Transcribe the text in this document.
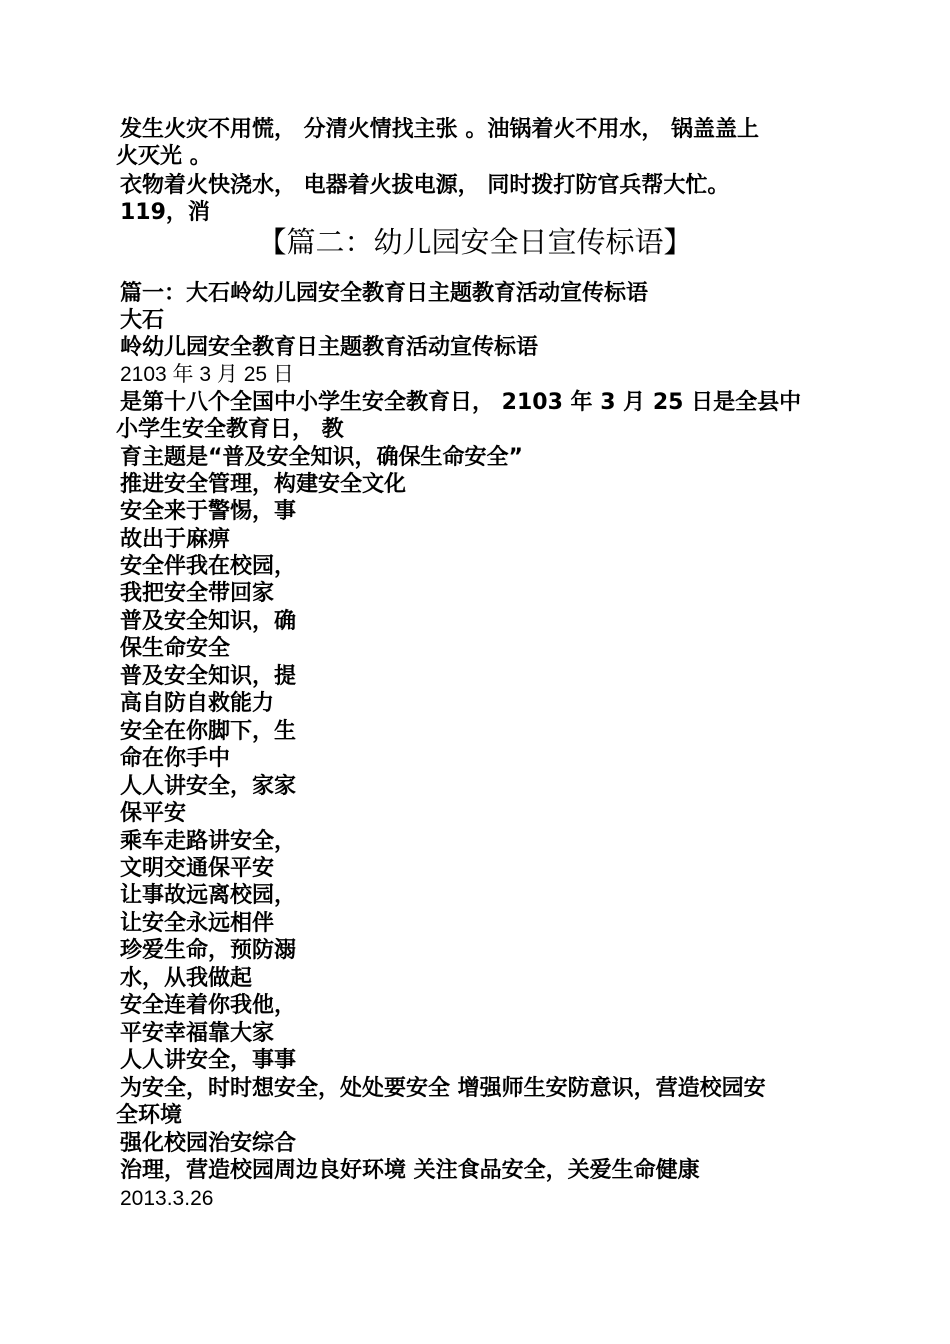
发生火灾不用慌， 分清火情找主张 。油锅着火不用水， 锅盖盖上
火灭光 。
衣物着火快浇水， 电器着火拔电源， 同时拨打防官兵帮大忙。
119，消
【篇二：幼儿园安全日宣传标语】
篇一：大石岭幼儿园安全教育日主题教育活动宣传标语
大石
岭幼儿园安全教育日主题教育活动宣传标语
2103 年 3 月 25 日
是第十八个全国中小学生安全教育日， 2103 年 3 月 25 日是全县中
小学生安全教育日， 教
育主题是“普及安全知识，确保生命安全”
推进安全管理，构建安全文化
安全来于警惕，事
故出于麻痹
安全伴我在校园，
我把安全带回家
普及安全知识，确
保生命安全
普及安全知识，提
高自防自救能力
安全在你脚下，生
命在你手中
人人讲安全，家家
保平安
乘车走路讲安全，
文明交通保平安
让事故远离校园，
让安全永远相伴
珍爱生命，预防溺
水，从我做起
安全连着你我他，
平安幸福靠大家
人人讲安全，事事
为安全，时时想安全，处处要安全 增强师生安防意识，营造校园安
全环境
强化校园治安综合
治理，营造校园周边良好环境 关注食品安全，关爱生命健康
2013.3.26
